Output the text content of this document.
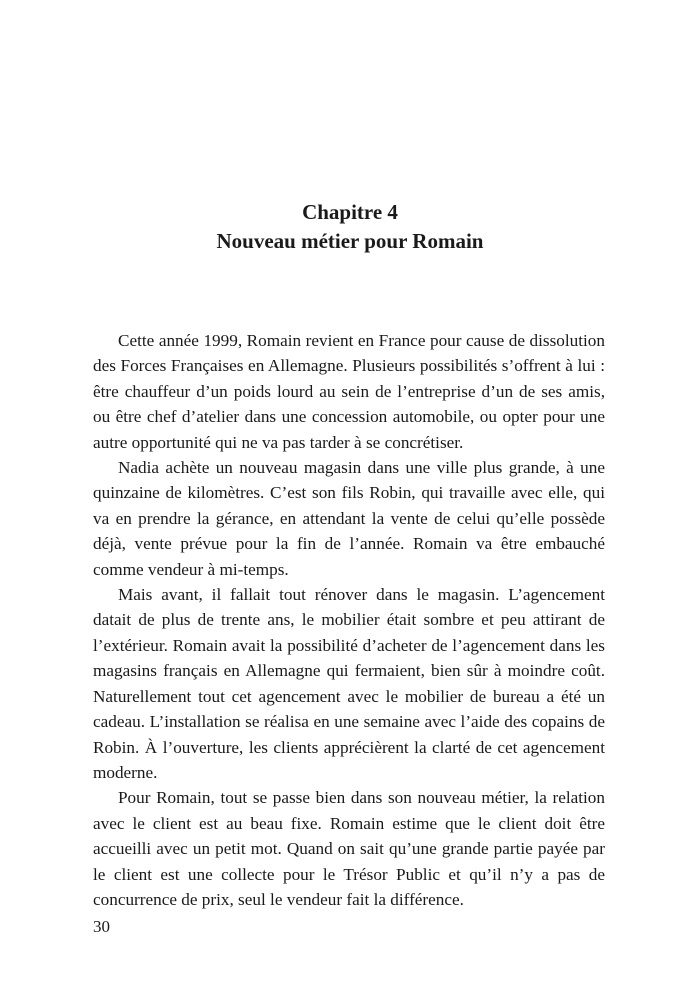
Chapitre 4
Nouveau métier pour Romain

Cette année 1999, Romain revient en France pour cause de dissolution des Forces Françaises en Allemagne. Plusieurs possibilités s’offrent à lui : être chauffeur d’un poids lourd au sein de l’entreprise d’un de ses amis, ou être chef d’atelier dans une concession automobile, ou opter pour une autre opportunité qui ne va pas tarder à se concrétiser.

Nadia achète un nouveau magasin dans une ville plus grande, à une quinzaine de kilomètres. C’est son fils Robin, qui travaille avec elle, qui va en prendre la gérance, en attendant la vente de celui qu’elle possède déjà, vente prévue pour la fin de l’année. Romain va être embauché comme vendeur à mi-temps.

Mais avant, il fallait tout rénover dans le magasin. L’agencement datait de plus de trente ans, le mobilier était sombre et peu attirant de l’extérieur. Romain avait la possibilité d’acheter de l’agencement dans les magasins français en Allemagne qui fermaient, bien sûr à moindre coût. Naturellement tout cet agencement avec le mobilier de bureau a été un cadeau. L’installation se réalisa en une semaine avec l’aide des copains de Robin. À l’ouverture, les clients apprécièrent la clarté de cet agencement moderne.

Pour Romain, tout se passe bien dans son nouveau métier, la relation avec le client est au beau fixe. Romain estime que le client doit être accueilli avec un petit mot. Quand on sait qu’une grande partie payée par le client est une collecte pour le Trésor Public et qu’il n’y a pas de concurrence de prix, seul le vendeur fait la différence.

30
